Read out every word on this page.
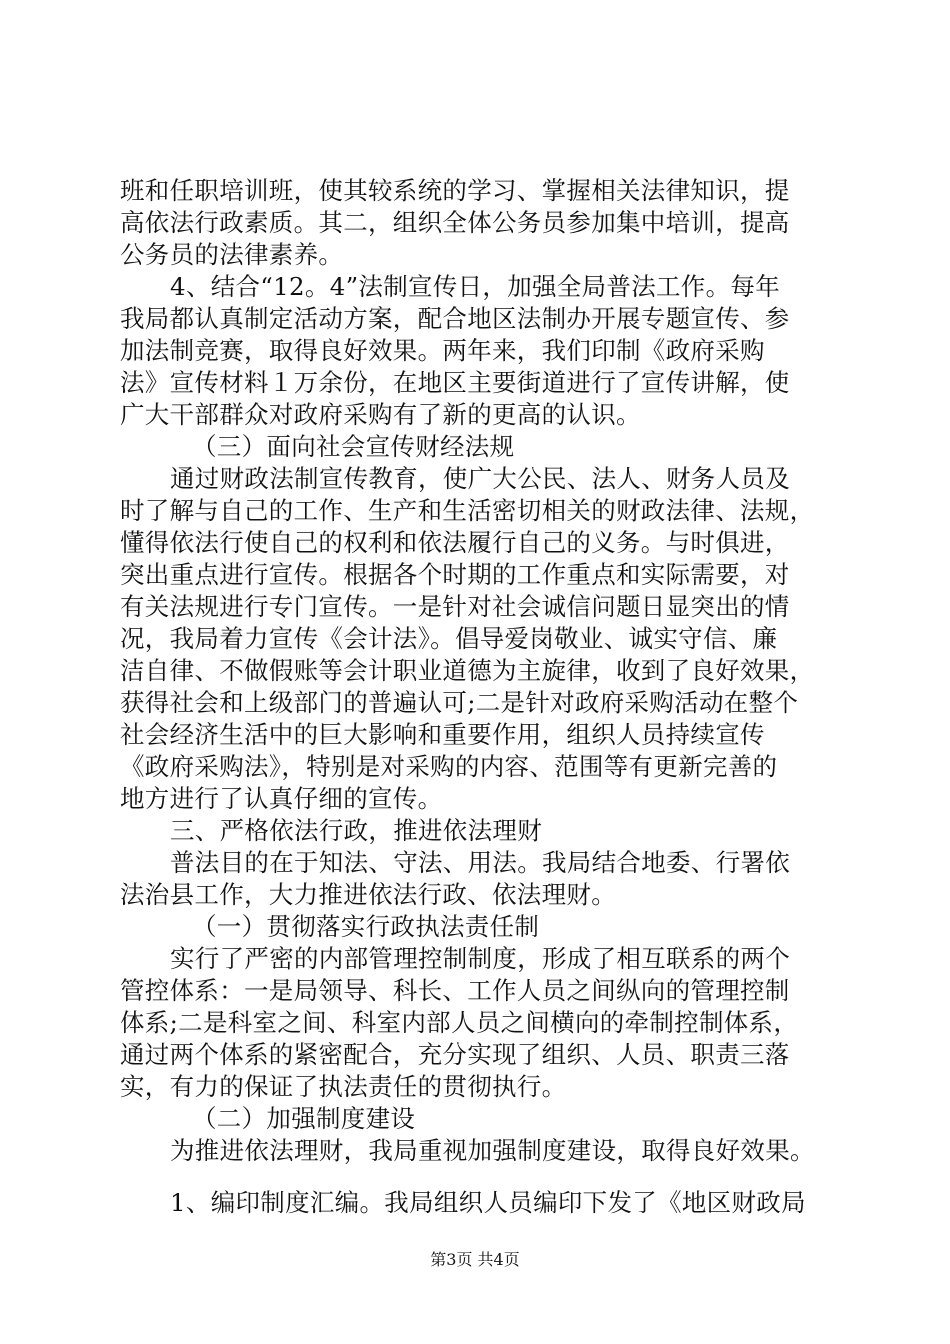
班和任职培训班，使其较系统的学习、掌握相关法律知识，提
高依法行政素质。其二，组织全体公务员参加集中培训，提高
公务员的法律素养。
4、结合“12。4”法制宣传日，加强全局普法工作。每年
我局都认真制定活动方案，配合地区法制办开展专题宣传、参
加法制竞赛，取得良好效果。两年来，我们印制《政府采购
法》宣传材料１万余份，在地区主要街道进行了宣传讲解，使
广大干部群众对政府采购有了新的更高的认识。
（三）面向社会宣传财经法规
通过财政法制宣传教育，使广大公民、法人、财务人员及
时了解与自己的工作、生产和生活密切相关的财政法律、法规，
懂得依法行使自己的权利和依法履行自己的义务。与时俱进，
突出重点进行宣传。根据各个时期的工作重点和实际需要，对
有关法规进行专门宣传。一是针对社会诚信问题日显突出的情
况，我局着力宣传《会计法》。倡导爱岗敬业、诚实守信、廉
洁自律、不做假账等会计职业道德为主旋律，收到了良好效果，
获得社会和上级部门的普遍认可;二是针对政府采购活动在整个
社会经济生活中的巨大影响和重要作用，组织人员持续宣传
《政府采购法》，特别是对采购的内容、范围等有更新完善的
地方进行了认真仔细的宣传。
三、严格依法行政，推进依法理财
普法目的在于知法、守法、用法。我局结合地委、行署依
法治县工作，大力推进依法行政、依法理财。
（一）贯彻落实行政执法责任制
实行了严密的内部管理控制制度，形成了相互联系的两个
管控体系：一是局领导、科长、工作人员之间纵向的管理控制
体系;二是科室之间、科室内部人员之间横向的牵制控制体系，
通过两个体系的紧密配合，充分实现了组织、人员、职责三落
实，有力的保证了执法责任的贯彻执行。
（二）加强制度建设
为推进依法理财，我局重视加强制度建设，取得良好效果。
1、编印制度汇编。我局组织人员编印下发了《地区财政局
第3页 共4页
